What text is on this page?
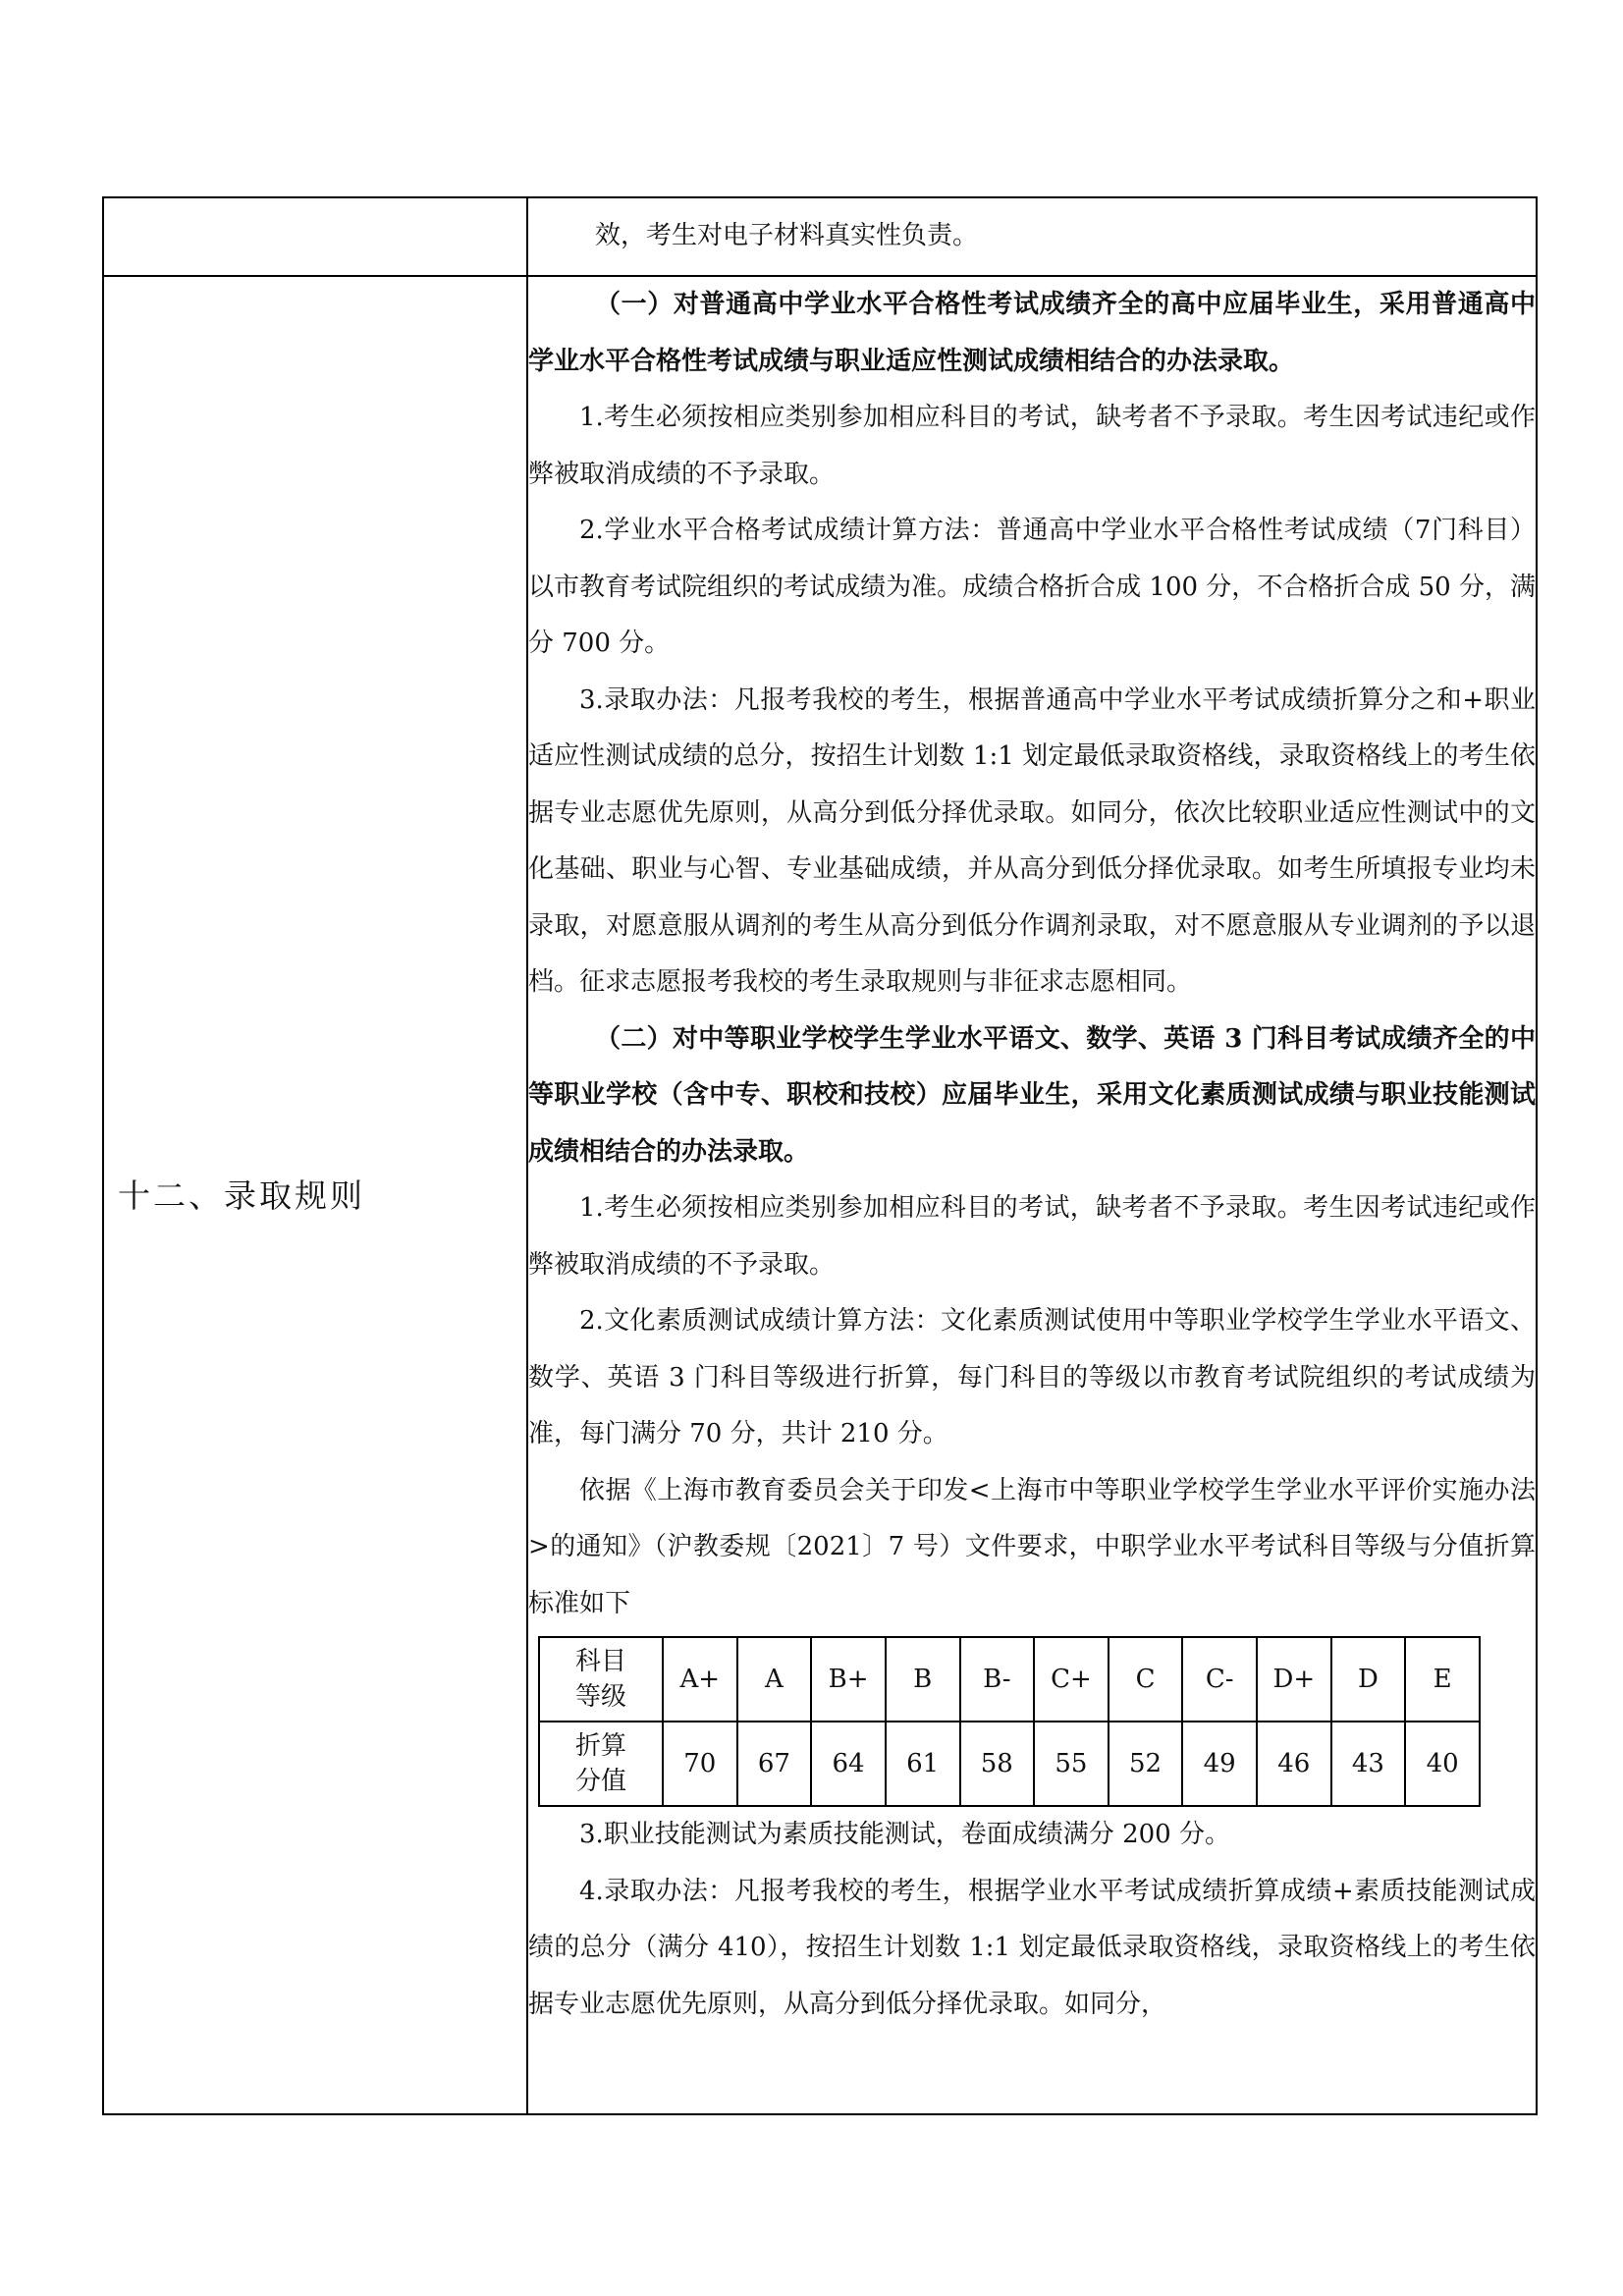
效，考生对电子材料真实性负责。

十二、录取规则	

（一）对普通高中学业水平合格性考试成绩齐全的高中应届毕业生，采用普通高中学业水平合格性考试成绩与职业适应性测试成绩相结合的办法录取。

1.考生必须按相应类别参加相应科目的考试，缺考者不予录取。考生因考试违纪或作弊被取消成绩的不予录取。

2.学业水平合格考试成绩计算方法：普通高中学业水平合格性考试成绩（7门科目）以市教育考试院组织的考试成绩为准。成绩合格折合成 100 分，不合格折合成 50 分，满分 700 分。

3.录取办法：凡报考我校的考生，根据普通高中学业水平考试成绩折算分之和+职业适应性测试成绩的总分，按招生计划数 1:1 划定最低录取资格线，录取资格线上的考生依据专业志愿优先原则，从高分到低分择优录取。如同分，依次比较职业适应性测试中的文化基础、职业与心智、专业基础成绩，并从高分到低分择优录取。如考生所填报专业均未录取，对愿意服从调剂的考生从高分到低分作调剂录取，对不愿意服从专业调剂的予以退档。征求志愿报考我校的考生录取规则与非征求志愿相同。

（二）对中等职业学校学生学业水平语文、数学、英语 3 门科目考试成绩齐全的中等职业学校（含中专、职校和技校）应届毕业生，采用文化素质测试成绩与职业技能测试成绩相结合的办法录取。

1.考生必须按相应类别参加相应科目的考试，缺考者不予录取。考生因考试违纪或作弊被取消成绩的不予录取。

2.文化素质测试成绩计算方法：文化素质测试使用中等职业学校学生学业水平语文、数学、英语 3 门科目等级进行折算，每门科目的等级以市教育考试院组织的考试成绩为准，每门满分 70 分，共计 210 分。

依据《上海市教育委员会关于印发<上海市中等职业学校学生学业水平评价实施办法>的通知》（沪教委规〔2021〕7 号）文件要求，中职学业水平考试科目等级与分值折算标准如下

科目等级	A+	A	B+	B	B-	C+	C	C-	D+	D	E
折算分值	70	67	64	61	58	55	52	49	46	43	40

3.职业技能测试为素质技能测试，卷面成绩满分 200 分。

4.录取办法：凡报考我校的考生，根据学业水平考试成绩折算成绩+素质技能测试成绩的总分（满分 410），按招生计划数 1:1 划定最低录取资格线，录取资格线上的考生依据专业志愿优先原则，从高分到低分择优录取。如同分，
